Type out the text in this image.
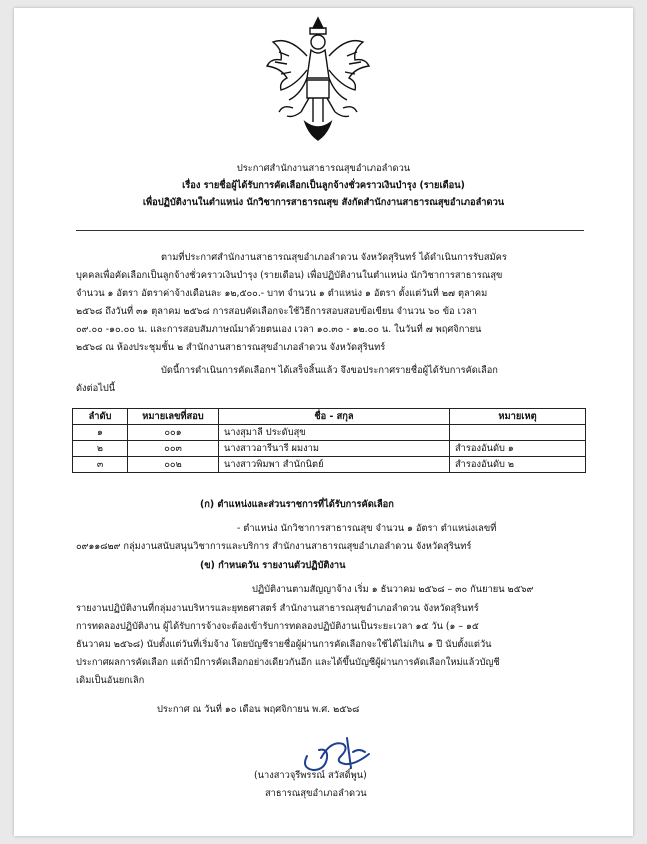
ประกาศสำนักงานสาธารณสุขอำเภอลำดวน
เรื่อง รายชื่อผู้ได้รับการคัดเลือกเป็นลูกจ้างชั่วคราวเงินบำรุง (รายเดือน)
เพื่อปฏิบัติงานในตำแหน่ง นักวิชาการสาธารณสุข สังกัดสำนักงานสาธารณสุขอำเภอลำดวน
ตามที่ประกาศสำนักงานสาธารณสุขอำเภอลำดวน จังหวัดสุรินทร์ ได้ดำเนินการรับสมัคร
บุคคลเพื่อคัดเลือกเป็นลูกจ้างชั่วคราวเงินบำรุง (รายเดือน) เพื่อปฏิบัติงานในตำแหน่ง นักวิชาการสาธารณสุข
จำนวน ๑ อัตรา อัตราค่าจ้างเดือนละ ๑๒,๕๐๐.- บาท จำนวน ๑ ตำแหน่ง ๑ อัตรา ตั้งแต่วันที่ ๒๗ ตุลาคม
๒๕๖๘ ถึงวันที่ ๓๑ ตุลาคม ๒๕๖๘ การสอบคัดเลือกจะใช้วิธีการสอบสอบข้อเขียน จำนวน ๖๐ ข้อ เวลา
๐๙.๐๐ -๑๐.๐๐ น. และการสอบสัมภาษณ์มาด้วยตนเอง เวลา ๑๐.๓๐ - ๑๒.๐๐ น. ในวันที่ ๗ พฤศจิกายน
๒๕๖๘ ณ ห้องประชุมชั้น ๒ สำนักงานสาธารณสุขอำเภอลำดวน จังหวัดสุรินทร์
บัดนี้การดำเนินการคัดเลือกฯ ได้เสร็จสิ้นแล้ว จึงขอประกาศรายชื่อผู้ได้รับการคัดเลือก
ดังต่อไปนี้
ลำดับ	หมายเลขที่สอบ	ชื่อ - สกุล	หมายเหตุ
๑	๐๐๑	นางสุมาลี ประดับสุข	
๒	๐๐๓	นางสาวอารีนารี ผมงาม	สำรองอันดับ ๑
๓	๐๐๒	นางสาวพิมพา สำนักนิตย์	สำรองอันดับ ๒
(ก) ตำแหน่งและส่วนราชการที่ได้รับการคัดเลือก
- ตำแหน่ง นักวิชาการสาธารณสุข จำนวน ๑ อัตรา ตำแหน่งเลขที่
๐๙๑๑๘๒๙ กลุ่มงานสนับสนุนวิชาการและบริการ สำนักงานสาธารณสุขอำเภอลำดวน จังหวัดสุรินทร์
(ข) กำหนดวัน รายงานตัวปฏิบัติงาน
ปฏิบัติงานตามสัญญาจ้าง เริ่ม ๑ ธันวาคม ๒๕๖๘ – ๓๐ กันยายน ๒๕๖๙
รายงานปฏิบัติงานที่กลุ่มงานบริหารและยุทธศาสตร์ สำนักงานสาธารณสุขอำเภอลำดวน จังหวัดสุรินทร์
การทดลองปฏิบัติงาน ผู้ได้รับการจ้างจะต้องเข้ารับการทดลองปฏิบัติงานเป็นระยะเวลา ๑๕ วัน (๑ – ๑๕
ธันวาคม ๒๕๖๘) นับตั้งแต่วันที่เริ่มจ้าง โดยบัญชีรายชื่อผู้ผ่านการคัดเลือกจะใช้ได้ไม่เกิน ๑ ปี นับตั้งแต่วัน
ประกาศผลการคัดเลือก แต่ถ้ามีการคัดเลือกอย่างเดียวกันอีก และได้ขึ้นบัญชีผู้ผ่านการคัดเลือกใหม่แล้วบัญชี
เดิมเป็นอันยกเลิก
ประกาศ ณ วันที่ ๑๐ เดือน พฤศจิกายน พ.ศ. ๒๕๖๘
(นางสาวจุรีพรรณ์ สวัสดิ์พูน)
สาธารณสุขอำเภอลำดวน
